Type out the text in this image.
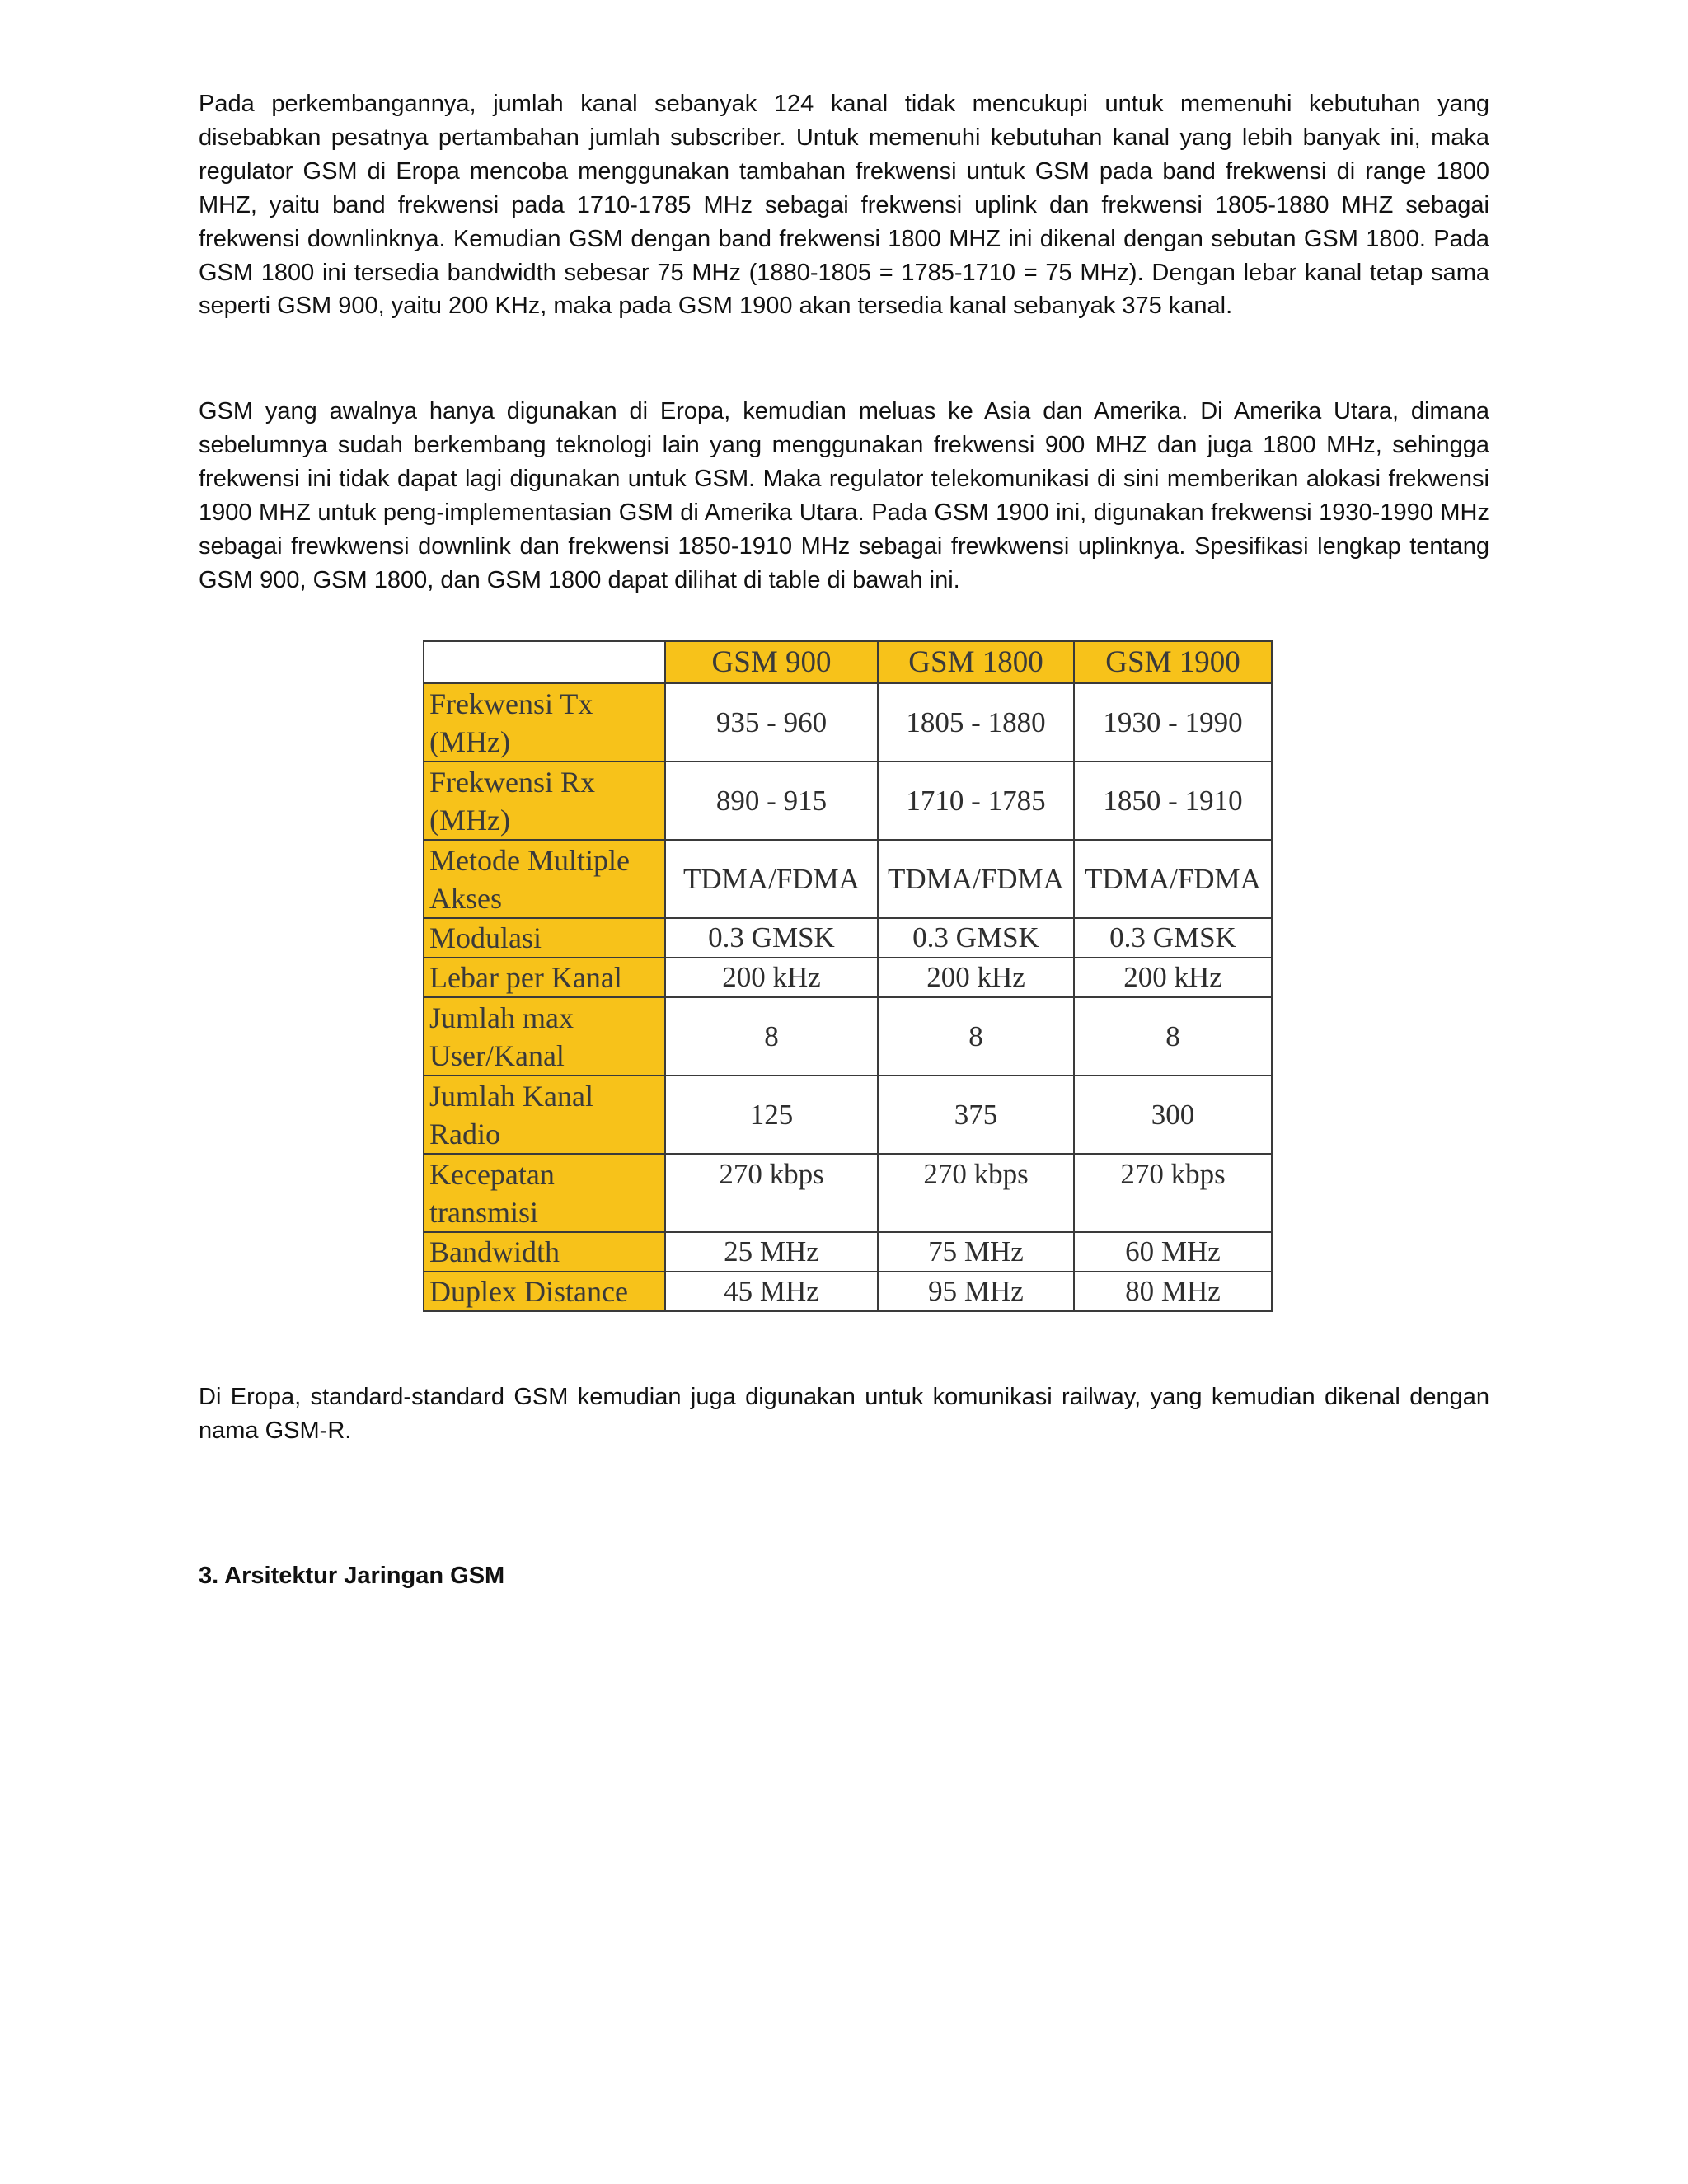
Pada perkembangannya, jumlah kanal sebanyak 124 kanal tidak mencukupi untuk memenuhi kebutuhan yang disebabkan pesatnya pertambahan jumlah subscriber. Untuk memenuhi kebutuhan kanal yang lebih banyak ini, maka regulator GSM di Eropa mencoba menggunakan tambahan frekwensi untuk GSM pada band frekwensi di range 1800 MHZ, yaitu band frekwensi pada 1710-1785 MHz sebagai frekwensi uplink dan frekwensi 1805-1880 MHZ sebagai frekwensi downlinknya. Kemudian GSM dengan band frekwensi 1800 MHZ ini dikenal dengan sebutan GSM 1800. Pada GSM 1800 ini tersedia bandwidth sebesar 75 MHz (1880-1805 = 1785-1710 = 75 MHz). Dengan lebar kanal tetap sama seperti GSM 900, yaitu 200 KHz, maka pada GSM 1900 akan tersedia kanal sebanyak 375 kanal.

GSM yang awalnya hanya digunakan di Eropa, kemudian meluas ke Asia dan Amerika. Di Amerika Utara, dimana sebelumnya sudah berkembang teknologi lain yang menggunakan frekwensi 900 MHZ dan juga 1800 MHz, sehingga frekwensi ini tidak dapat lagi digunakan untuk GSM. Maka regulator telekomunikasi di sini memberikan alokasi frekwensi 1900 MHZ untuk peng-implementasian GSM di Amerika Utara. Pada GSM 1900 ini, digunakan frekwensi 1930-1990 MHz sebagai frewkwensi downlink dan frekwensi 1850-1910 MHz sebagai frewkwensi uplinknya. Spesifikasi lengkap tentang GSM 900, GSM 1800, dan GSM 1800 dapat dilihat di table di bawah ini.

	GSM 900	GSM 1800	GSM 1900
Frekwensi Tx (MHz)	935 - 960	1805 - 1880	1930 - 1990
Frekwensi Rx (MHz)	890 - 915	1710 - 1785	1850 - 1910
Metode Multiple Akses	TDMA/FDMA	TDMA/FDMA	TDMA/FDMA
Modulasi	0.3 GMSK	0.3 GMSK	0.3 GMSK
Lebar per Kanal	200 kHz	200 kHz	200 kHz
Jumlah max User/Kanal	8	8	8
Jumlah Kanal Radio	125	375	300
Kecepatan transmisi	270 kbps	270 kbps	270 kbps
Bandwidth	25 MHz	75 MHz	60 MHz
Duplex Distance	45 MHz	95 MHz	80 MHz

Di Eropa, standard-standard GSM kemudian juga digunakan untuk komunikasi railway, yang kemudian dikenal dengan nama GSM-R.

3. Arsitektur Jaringan GSM
